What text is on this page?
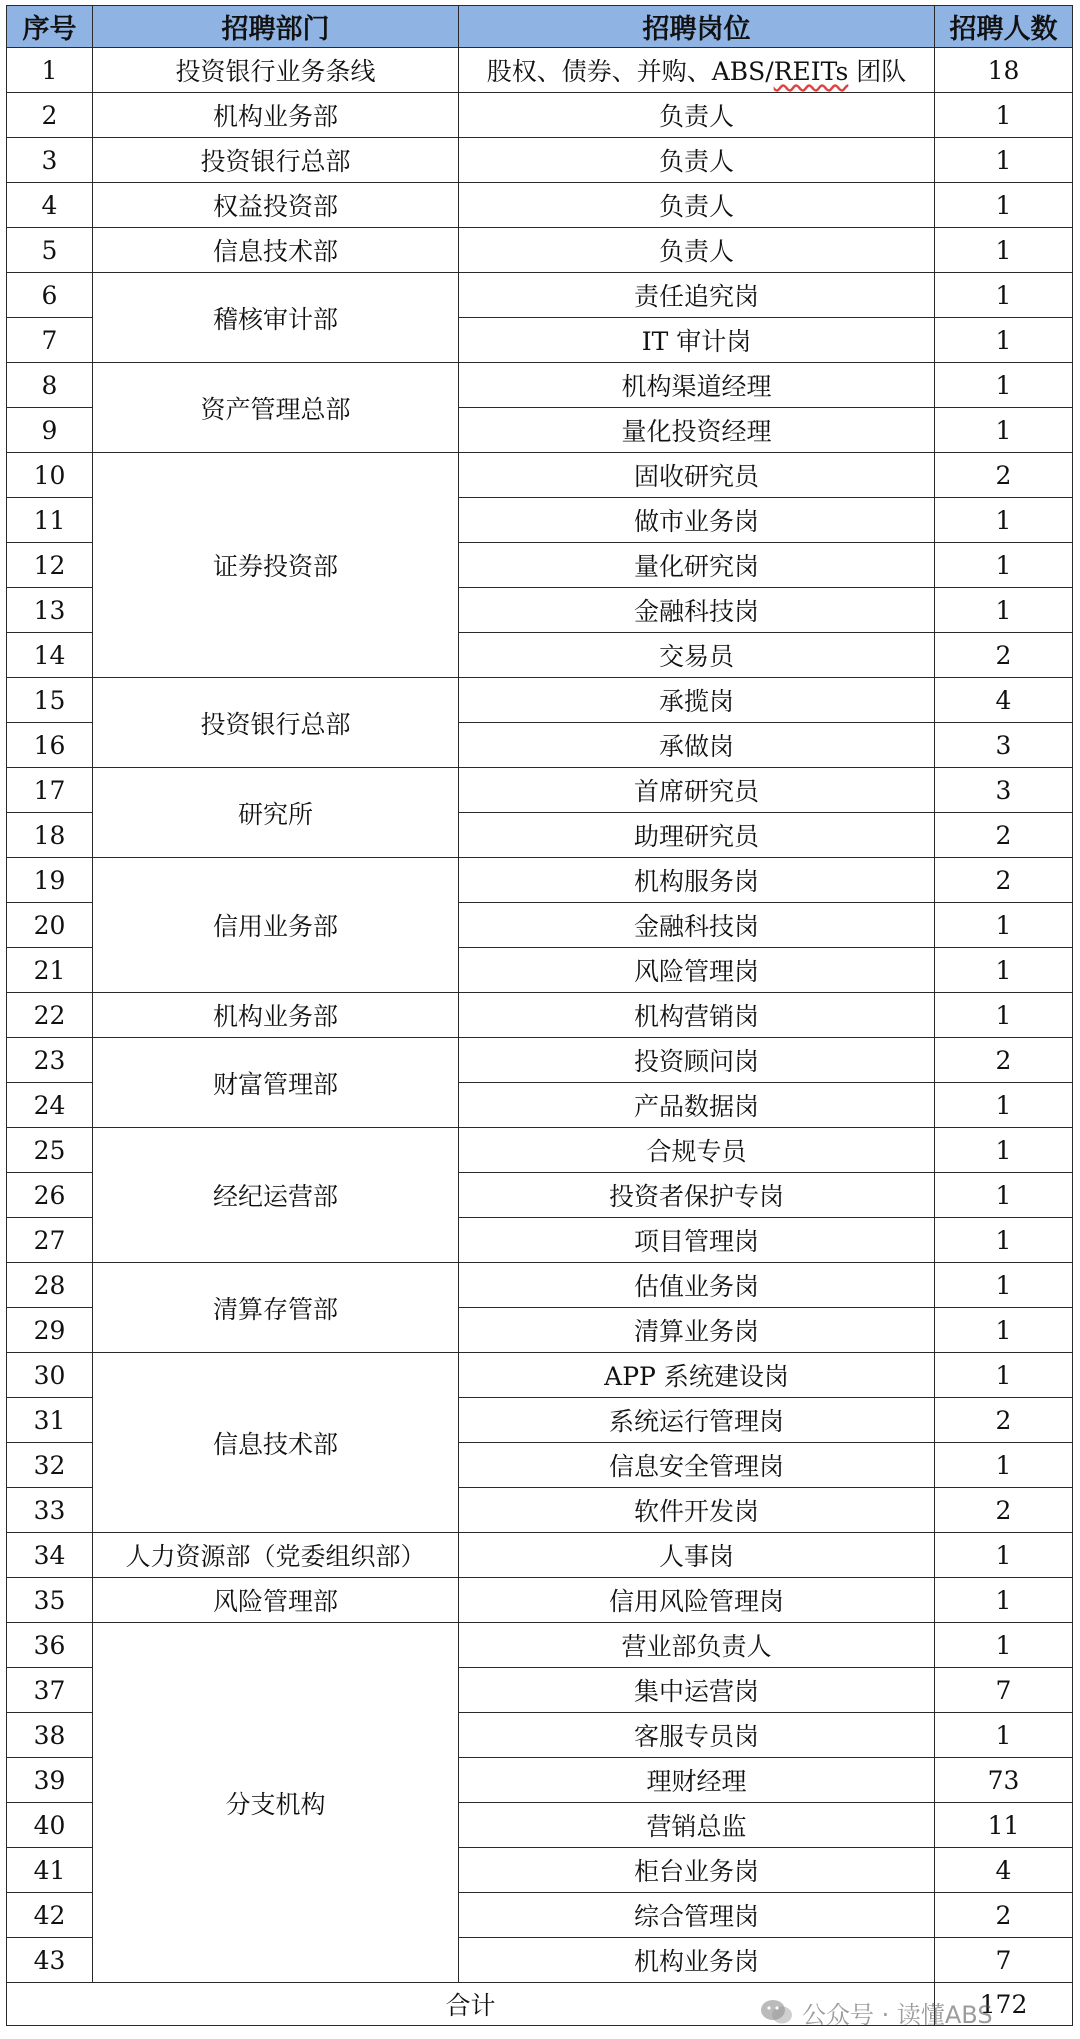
序号	招聘部门	招聘岗位	招聘人数
1	投资银行业务条线	股权、债券、并购、ABS/REITs 团队	18
2	机构业务部	负责人	1
3	投资银行总部	负责人	1
4	权益投资部	负责人	1
5	信息技术部	负责人	1
6	稽核审计部	责任追究岗	1
7		IT 审计岗	1
8	资产管理总部	机构渠道经理	1
9		量化投资经理	1
10	证券投资部	固收研究员	2
11		做市业务岗	1
12		量化研究岗	1
13		金融科技岗	1
14		交易员	2
15	投资银行总部	承揽岗	4
16		承做岗	3
17	研究所	首席研究员	3
18		助理研究员	2
19	信用业务部	机构服务岗	2
20		金融科技岗	1
21		风险管理岗	1
22	机构业务部	机构营销岗	1
23	财富管理部	投资顾问岗	2
24		产品数据岗	1
25	经纪运营部	合规专员	1
26		投资者保护专岗	1
27		项目管理岗	1
28	清算存管部	估值业务岗	1
29		清算业务岗	1
30	信息技术部	APP 系统建设岗	1
31		系统运行管理岗	2
32		信息安全管理岗	1
33		软件开发岗	2
34	人力资源部（党委组织部）	人事岗	1
35	风险管理部	信用风险管理岗	1
36	分支机构	营业部负责人	1
37		集中运营岗	7
38		客服专员岗	1
39		理财经理	73
40		营销总监	11
41		柜台业务岗	4
42		综合管理岗	2
43		机构业务岗	7
合计			172
公众号 · 读懂ABS
